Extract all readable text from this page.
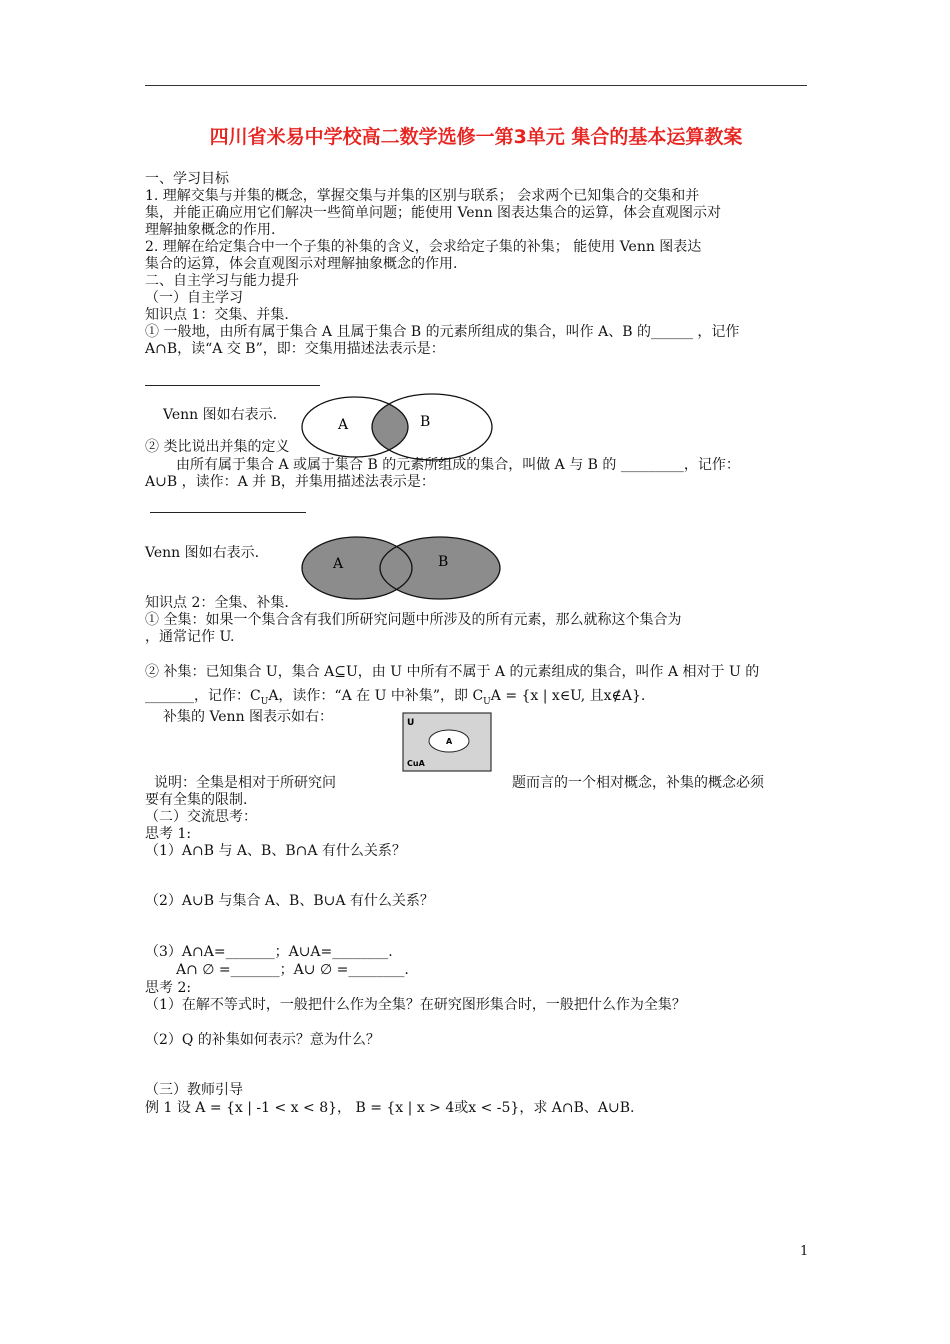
四川省米易中学校高二数学选修一第3单元 集合的基本运算教案
一、学习目标
1. 理解交集与并集的概念，掌握交集与并集的区别与联系； 会求两个已知集合的交集和并
集，并能正确应用它们解决一些简单问题；能使用 Venn 图表达集合的运算，体会直观图示对
理解抽象概念的作用.
2. 理解在给定集合中一个子集的补集的含义，会求给定子集的补集； 能使用 Venn 图表达
集合的运算，体会直观图示对理解抽象概念的作用.
二、自主学习与能力提升
（一）自主学习
知识点 1：交集、并集.
① 一般地，由所有属于集合 A 且属于集合 B 的元素所组成的集合，叫作 A、B 的______ ，记作
A∩B，读“A 交 B”，即：交集用描述法表示是：
Venn 图如右表示.
A	B
② 类比说出并集的定义
由所有属于集合 A 或属于集合 B 的元素所组成的集合，叫做 A 与 B 的 _________，记作：
A∪B ，读作：A 并 B，并集用描述法表示是：
Venn 图如右表示.
A	B
知识点 2：全集、补集.
① 全集：如果一个集合含有我们所研究问题中所涉及的所有元素，那么就称这个集合为
，通常记作 U.
② 补集：已知集合 U，集合 A⊆U，由 U 中所有不属于 A 的元素组成的集合，叫作 A 相对于 U 的
_______，记作：$C_UA$，读作：“A 在 U 中补集”，即 $C_UA = \{x$ | x∈U, 且x∉A}.
补集的 Venn 图表示如右：	U
A
CuA
说明：全集是相对于所研究问	题而言的一个相对概念，补集的概念必须
要有全集的限制.
（二）交流思考：
思考 1:
（1）A∩B 与 A、B、B∩A 有什么关系？
（2）A∪B 与集合 A、B、B∪A 有什么关系？
（3）A∩A=_______；A∪A=________.
A∩ ∅ =_______；A∪ ∅ =________.
思考 2:
（1）在解不等式时，一般把什么作为全集？在研究图形集合时，一般把什么作为全集？
（2）Q 的补集如何表示？意为什么？
（三）教师引导
例 1 设 A = {x | -1 < x < 8}， B = {x | x > 4或x < -5}，求 A∩B、A∪B.
1
